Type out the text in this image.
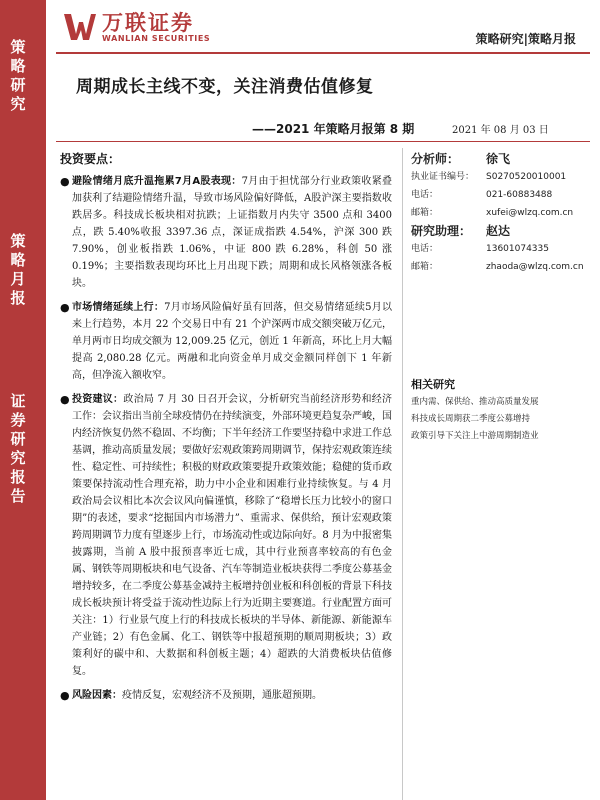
策略研究
策略月报
证券研究报告
万联证券
WANLIAN SECURITIES	策略研究|策略月报
周期成长主线不变，关注消费估值修复
——2021 年策略月报第 8 期	2021 年 08 月 03 日
投资要点：
● 避险情绪月底升温拖累7月A股表现：7月由于担忧部分行业政策收紧叠加获利了结避险情绪升温，导致市场风险偏好降低，A股沪深主要指数收跌居多。科技成长板块相对抗跌；上证指数月内失守 3500 点和 3400 点，跌 5.40%收报 3397.36 点，深证成指跌 4.54%，沪深 300 跌 7.90%，创业板指跌 1.06%，中证 800 跌 6.28%，科创 50 涨 0.19%；主要指数表现均环比上月出现下跌；周期和成长风格领涨各板块。
● 市场情绪延续上行：7月市场风险偏好虽有回落，但交易情绪延续5月以来上行趋势，本月 22 个交易日中有 21 个沪深两市成交额突破万亿元，单月两市日均成交额为 12,009.25 亿元，创近 1 年新高，环比上月大幅提高 2,080.28 亿元。两融和北向资金单月成交金额同样创下 1 年新高，但净流入额收窄。
● 投资建议：政治局 7 月 30 日召开会议，分析研究当前经济形势和经济工作：会议指出当前全球疫情仍在持续演变，外部环境更趋复杂严峻，国内经济恢复仍然不稳固、不均衡；下半年经济工作要坚持稳中求进工作总基调，推动高质量发展；要做好宏观政策跨周期调节，保持宏观政策连续性、稳定性、可持续性；积极的财政政策要提升政策效能；稳健的货币政策要保持流动性合理充裕，助力中小企业和困难行业持续恢复。与 4 月政治局会议相比本次会议风向偏谨慎，移除了“稳增长压力比较小的窗口期”的表述，要求“挖掘国内市场潜力”、重需求、保供给，预计宏观政策跨周期调节力度有望逐步上行，市场流动性或边际向好。8 月为中报密集披露期，当前 A 股中报预喜率近七成，其中行业预喜率较高的有色金属、钢铁等周期板块和电气设备、汽车等制造业板块获得二季度公募基金增持较多，在二季度公募基金减持主板增持创业板和科创板的背景下科技成长板块预计将受益于流动性边际上行为近期主要赛道。行业配置方面可关注：1）行业景气度上行的科技成长板块的半导体、新能源、新能源车产业链；2）有色金属、化工、钢铁等中报超预期的顺周期板块；3）政策利好的碳中和、大数据和科创板主题；4）超跌的大消费板块估值修复。
● 风险因素：疫情反复，宏观经济不及预期，通胀超预期。
分析师：	徐飞
执业证书编号：	S0270520010001
电话：	021-60883488
邮箱：	xufei@wlzq.com.cn
研究助理：	赵达
电话：	13601074335
邮箱：	zhaoda@wlzq.com.cn
相关研究
重内需、保供给、推动高质量发展
科技成长周期获二季度公募增持
政策引导下关注上中游周期制造业
